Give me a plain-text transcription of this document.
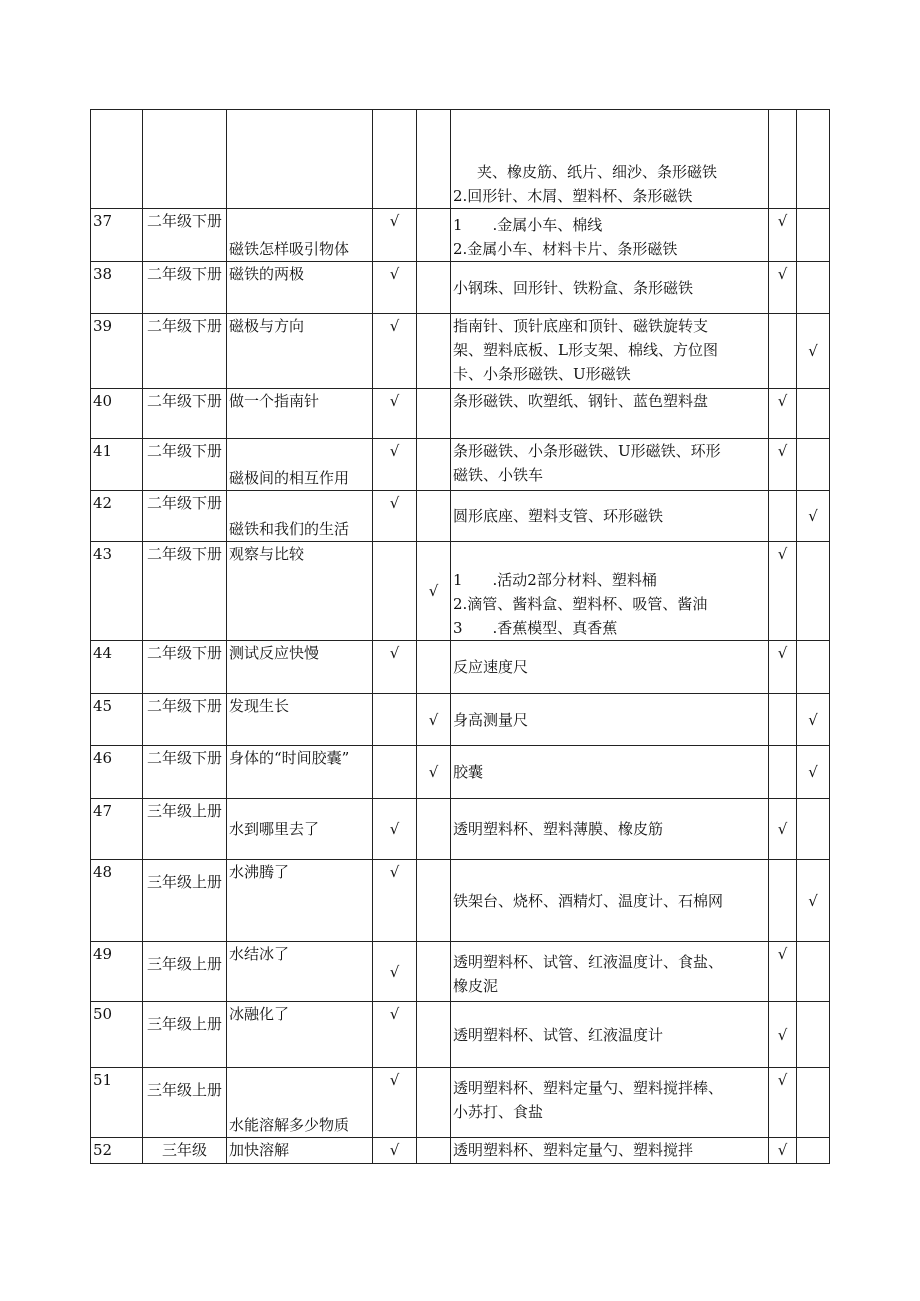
					夹、橡皮筋、纸片、细沙、条形磁铁
2.回形针、木屑、塑料杯、条形磁铁		

37	二年级下册	磁铁怎样吸引物体	√		1　　.金属小车、棉线
2.金属小车、材料卡片、条形磁铁	√	
38	二年级下册	磁铁的两极	√		小钢珠、回形针、铁粉盒、条形磁铁	√	
39	二年级下册	磁极与方向	√		指南针、顶针底座和顶针、磁铁旋转支
架、塑料底板、L形支架、棉线、方位图
卡、小条形磁铁、U形磁铁		√
40	二年级下册	做一个指南针	√		条形磁铁、吹塑纸、钢针、蓝色塑料盘	√	
41	二年级下册	磁极间的相互作用	√		条形磁铁、小条形磁铁、U形磁铁、环形
磁铁、小铁车	√	
42	二年级下册	磁铁和我们的生活	√		圆形底座、塑料支管、环形磁铁		√
43	二年级下册	观察与比较		√	1　　.活动2部分材料、塑料桶
2.滴管、酱料盒、塑料杯、吸管、酱油
3　　.香蕉模型、真香蕉	√	
44	二年级下册	测试反应快慢	√		反应速度尺	√	
45	二年级下册	发现生长		√	身高测量尺		√
46	二年级下册	身体的“时间胶囊”		√	胶囊		√
47	三年级上册	水到哪里去了	√		透明塑料杯、塑料薄膜、橡皮筋	√	
48	三年级上册	水沸腾了	√		铁架台、烧杯、酒精灯、温度计、石棉网		√
49	三年级上册	水结冰了	√		透明塑料杯、试管、红液温度计、食盐、
橡皮泥	√	
50	三年级上册	冰融化了	√		透明塑料杯、试管、红液温度计	√	
51	三年级上册	水能溶解多少物质	√		透明塑料杯、塑料定量勺、塑料搅拌棒、
小苏打、食盐	√	
52	三年级	加快溶解	√		透明塑料杯、塑料定量勺、塑料搅拌	√	
